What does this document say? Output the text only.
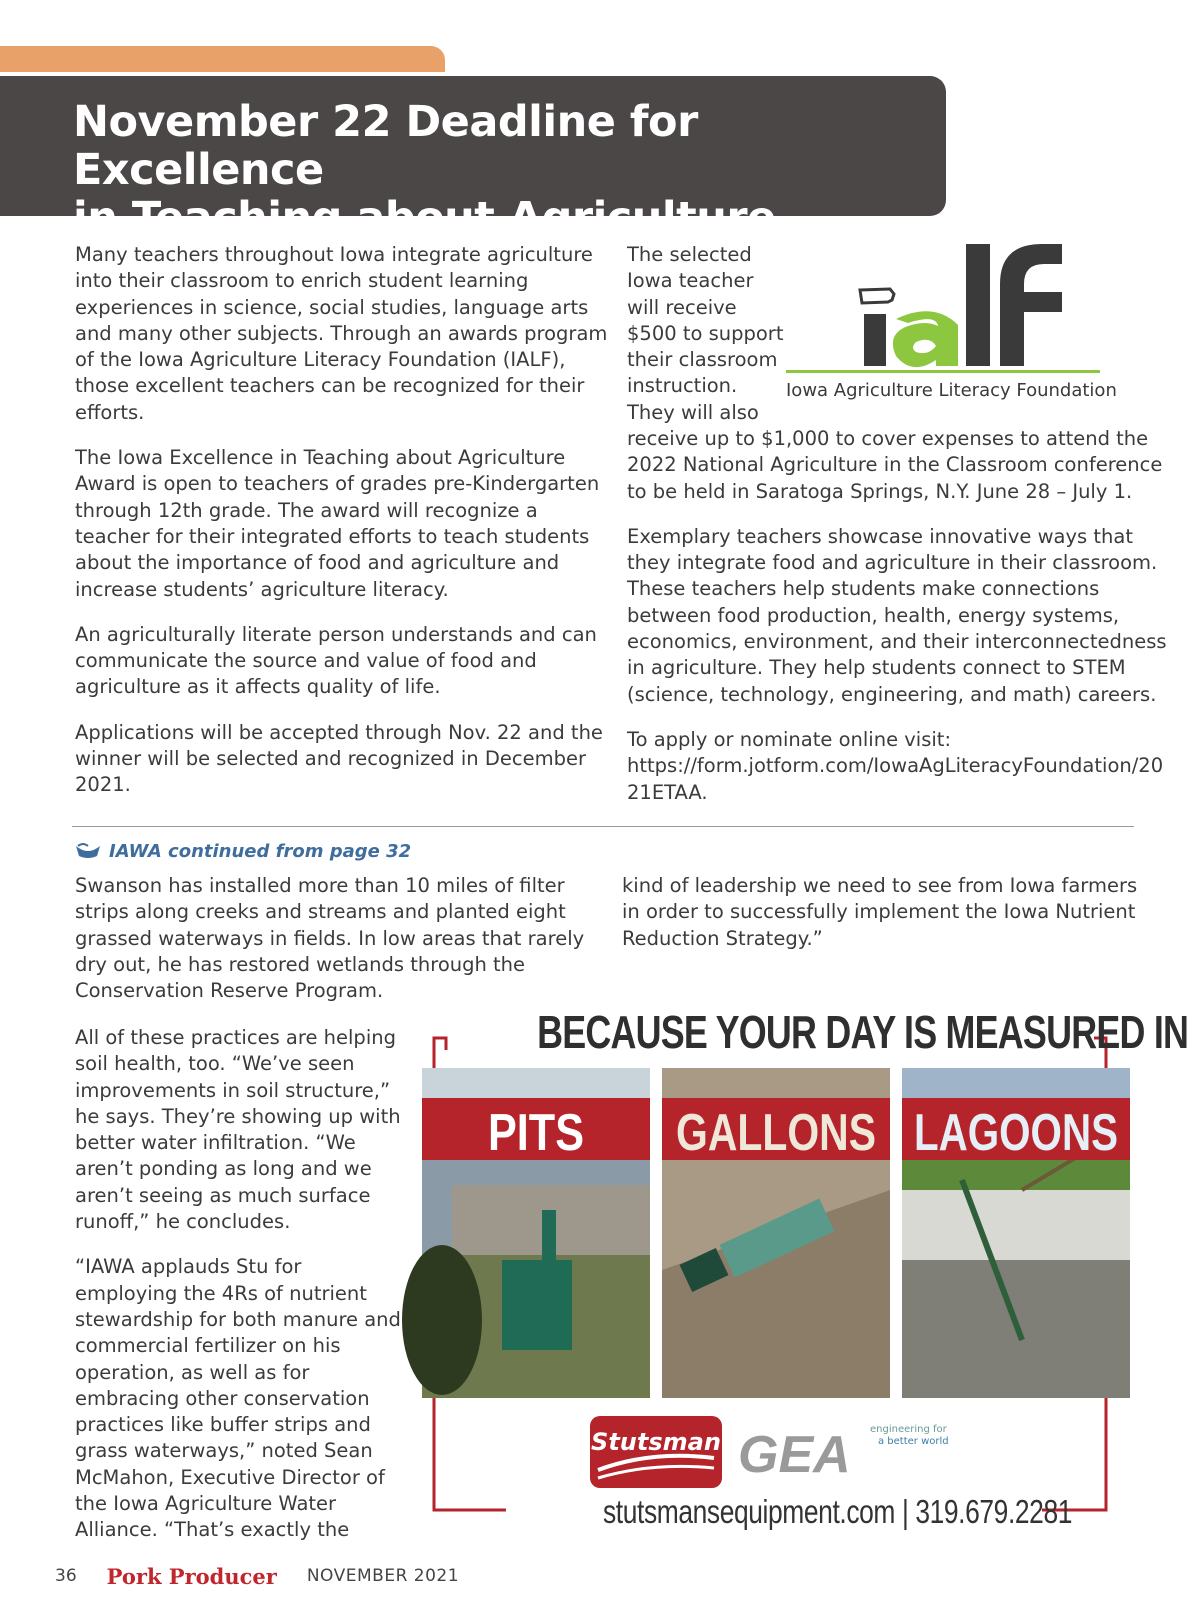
November 22 Deadline for Excellence
in Teaching about Agriculture

Many teachers throughout Iowa integrate agriculture into their classroom to enrich student learning experiences in science, social studies, language arts and many other subjects. Through an awards program of the Iowa Agriculture Literacy Foundation (IALF), those excellent teachers can be recognized for their efforts.

The Iowa Excellence in Teaching about Agriculture Award is open to teachers of grades pre-Kindergarten through 12th grade. The award will recognize a teacher for their integrated efforts to teach students about the importance of food and agriculture and increase students’ agriculture literacy.

An agriculturally literate person understands and can communicate the source and value of food and agriculture as it affects quality of life.

Applications will be accepted through Nov. 22 and the winner will be selected and recognized in December 2021.

The selected

Iowa teacher

will receive

$500 to support

their classroom

instruction.

They will also

Iowa Agriculture Literacy Foundation

receive up to $1,000 to cover expenses to attend the 2022 National Agriculture in the Classroom conference to be held in Saratoga Springs, N.Y. June 28 – July 1.

Exemplary teachers showcase innovative ways that they integrate food and agriculture in their classroom. These teachers help students make connections between food production, health, energy systems, economics, environment, and their interconnectedness in agriculture. They help students connect to STEM (science, technology, engineering, and math) careers.

To apply or nominate online visit: https://form.jotform.com/IowaAgLiteracyFoundation/2021ETAA.

IAWA continued from page 32

Swanson has installed more than 10 miles of filter strips along creeks and streams and planted eight grassed waterways in fields. In low areas that rarely dry out, he has restored wetlands through the Conservation Reserve Program.

All of these practices are helping soil health, too. “We’ve seen improvements in soil structure,” he says. They’re showing up with better water infiltration. “We aren’t ponding as long and we aren’t seeing as much surface runoff,” he concludes.

“IAWA applauds Stu for employing the 4Rs of nutrient stewardship for both manure and commercial fertilizer on his operation, as well as for embracing other conservation practices like buffer strips and grass waterways,” noted Sean McMahon, Executive Director of the Iowa Agriculture Water Alliance. “That’s exactly the

kind of leadership we need to see from Iowa farmers in order to successfully implement the Iowa Nutrient Reduction Strategy.”

PITS GALLONS LAGOONS
Stutsman GEA engineering for
a better world
BECAUSE YOUR DAY IS MEASURED IN
stutsmansequipment.com | 319.679.2281
36 Pork Producer NOVEMBER 2021
